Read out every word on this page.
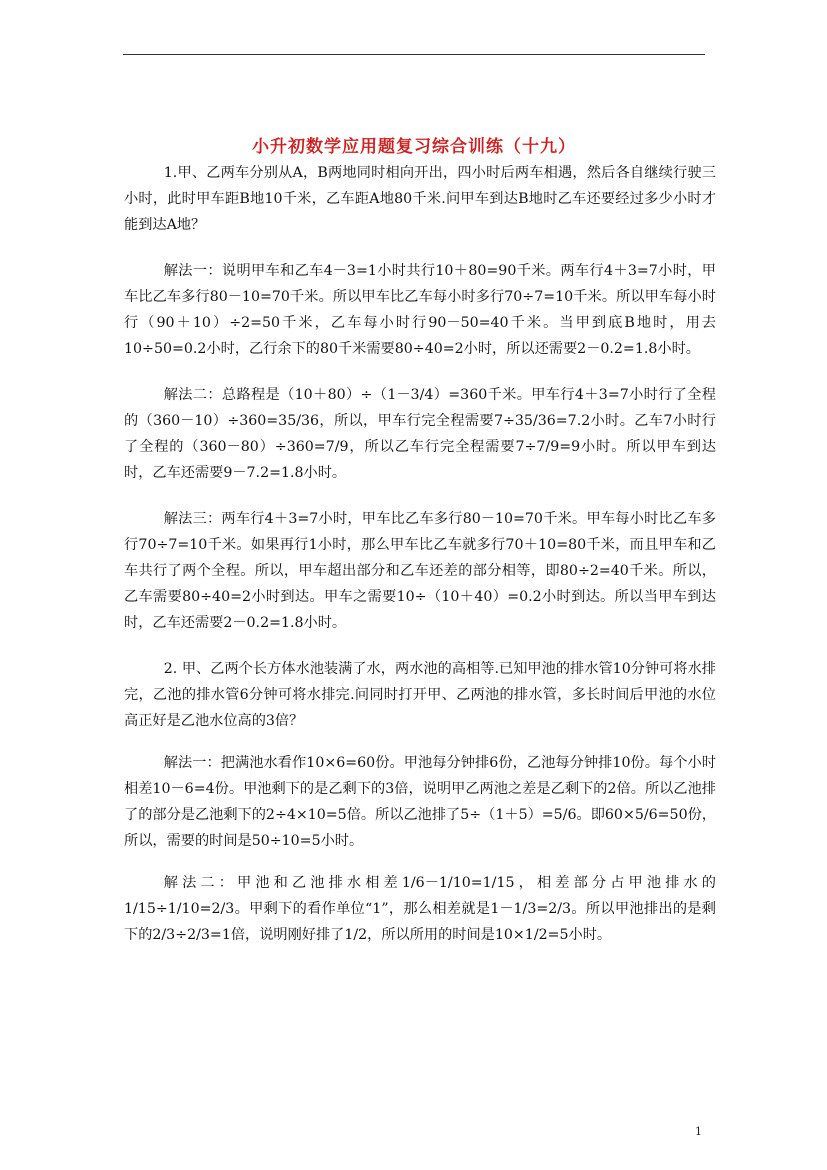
小升初数学应用题复习综合训练（十九）

1.甲、乙两车分别从A，B两地同时相向开出，四小时后两车相遇，然后各自继续行驶三小时，此时甲车距B地10千米，乙车距A地80千米.问甲车到达B地时乙车还要经过多少小时才能到达A地？

解法一：说明甲车和乙车4－3=1小时共行10＋80=90千米。两车行4＋3=7小时，甲车比乙车多行80－10=70千米。所以甲车比乙车每小时多行70÷7=10千米。所以甲车每小时行（90＋10）÷2=50千米，乙车每小时行90－50=40千米。当甲到底B地时，用去10÷50=0.2小时，乙行余下的80千米需要80÷40=2小时，所以还需要2－0.2=1.8小时。

解法二：总路程是（10＋80）÷（1－3/4）=360千米。甲车行4＋3=7小时行了全程的（360－10）÷360=35/36，所以，甲车行完全程需要7÷35/36=7.2小时。乙车7小时行了全程的（360－80）÷360=7/9，所以乙车行完全程需要7÷7/9=9小时。所以甲车到达时，乙车还需要9－7.2=1.8小时。

解法三：两车行4＋3=7小时，甲车比乙车多行80－10=70千米。甲车每小时比乙车多行70÷7=10千米。如果再行1小时，那么甲车比乙车就多行70＋10=80千米，而且甲车和乙车共行了两个全程。所以，甲车超出部分和乙车还差的部分相等，即80÷2=40千米。所以，乙车需要80÷40=2小时到达。甲车之需要10÷（10＋40）=0.2小时到达。所以当甲车到达时，乙车还需要2－0.2=1.8小时。

2. 甲、乙两个长方体水池装满了水，两水池的高相等.已知甲池的排水管10分钟可将水排完，乙池的排水管6分钟可将水排完.问同时打开甲、乙两池的排水管，多长时间后甲池的水位高正好是乙池水位高的3倍？

解法一：把满池水看作10×6=60份。甲池每分钟排6份，乙池每分钟排10份。每个小时相差10－6=4份。甲池剩下的是乙剩下的3倍，说明甲乙两池之差是乙剩下的2倍。所以乙池排了的部分是乙池剩下的2÷4×10=5倍。所以乙池排了5÷（1＋5）=5/6。即60×5/6=50份，所以，需要的时间是50÷10=5小时。

解法二：甲池和乙池排水相差1/6－1/10=1/15，相差部分占甲池排水的1/15÷1/10=2/3。甲剩下的看作单位“1”，那么相差就是1－1/3=2/3。所以甲池排出的是剩下的2/3÷2/3=1倍，说明刚好排了1/2，所以所用的时间是10×1/2=5小时。

1
